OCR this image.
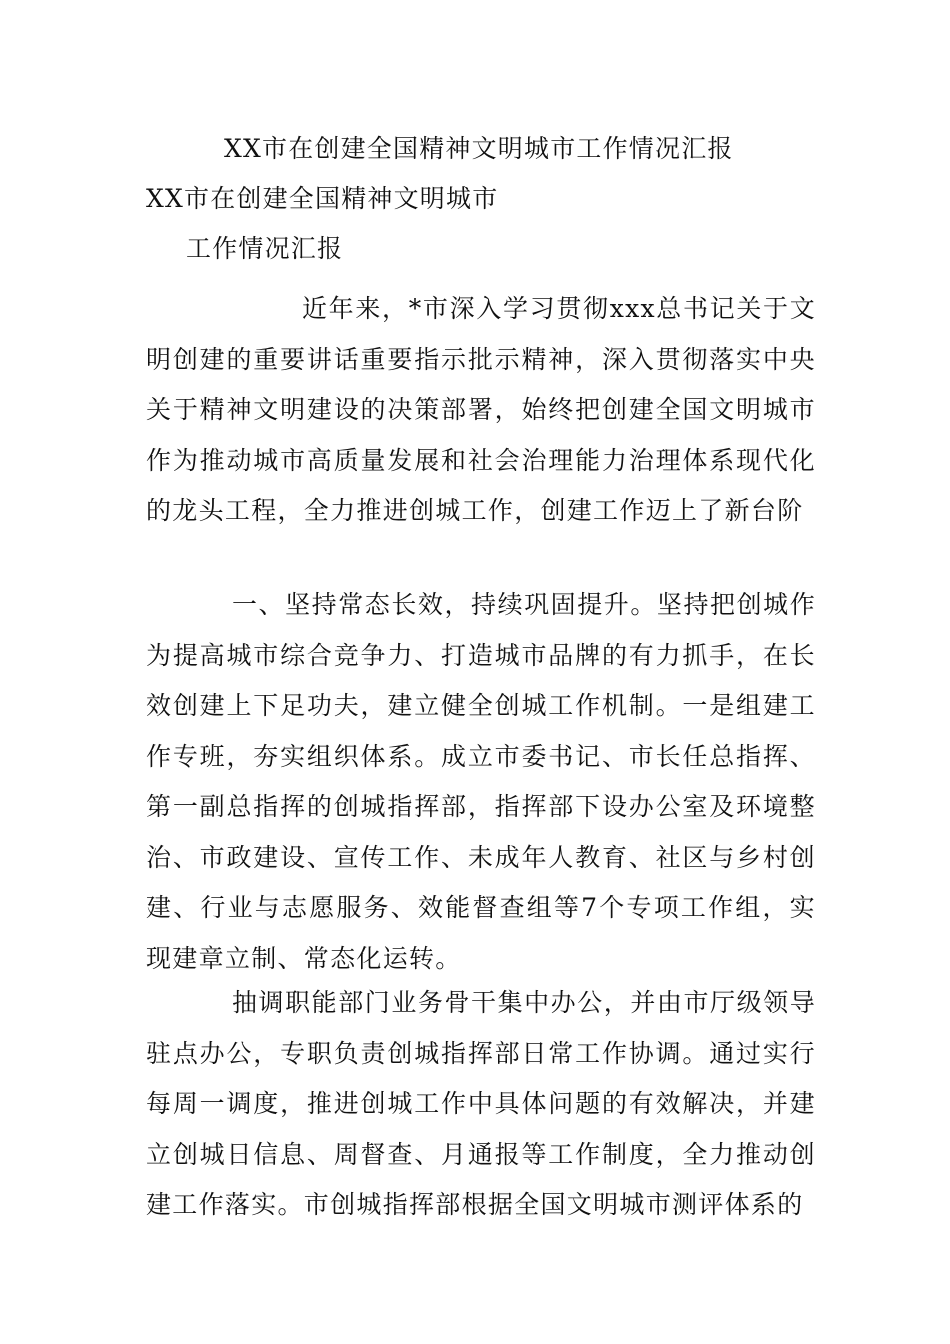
XX市在创建全国精神文明城市工作情况汇报
XX市在创建全国精神文明城市
工作情况汇报
近年来，*市深入学习贯彻xxx总书记关于文明创建的重要讲话重要指示批示精神，深入贯彻落实中央关于精神文明建设的决策部署，始终把创建全国文明城市作为推动城市高质量发展和社会治理能力治理体系现代化的龙头工程，全力推进创城工作，创建工作迈上了新台阶
一、坚持常态长效，持续巩固提升。坚持把创城作为提高城市综合竞争力、打造城市品牌的有力抓手，在长效创建上下足功夫，建立健全创城工作机制。一是组建工作专班，夯实组织体系。成立市委书记、市长任总指挥、第一副总指挥的创城指挥部，指挥部下设办公室及环境整治、市政建设、宣传工作、未成年人教育、社区与乡村创建、行业与志愿服务、效能督查组等7个专项工作组，实现建章立制、常态化运转。
抽调职能部门业务骨干集中办公，并由市厅级领导驻点办公，专职负责创城指挥部日常工作协调。通过实行每周一调度，推进创城工作中具体问题的有效解决，并建立创城日信息、周督查、月通报等工作制度，全力推动创建工作落实。市创城指挥部根据全国文明城市测评体系的
